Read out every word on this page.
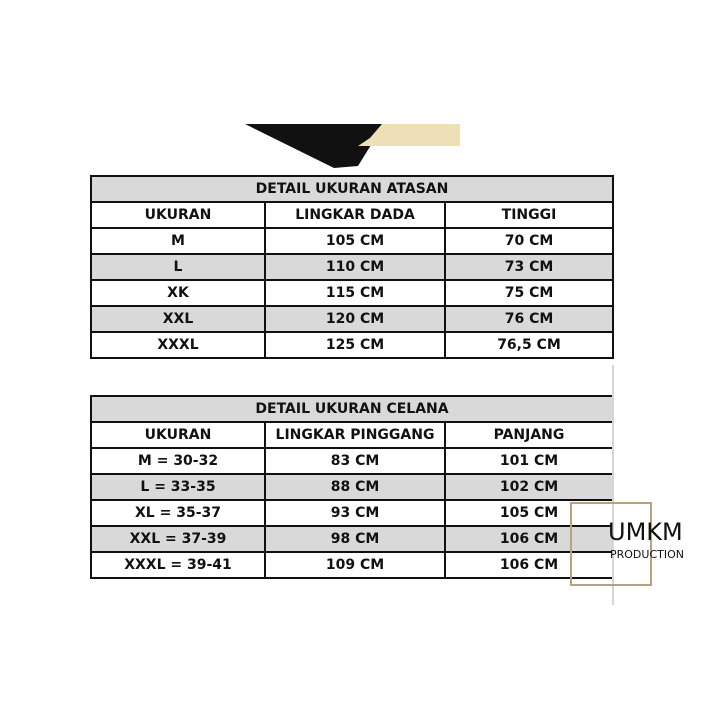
DETAIL UKURAN ATASAN		
UKURAN	LINGKAR DADA	TINGGI
M	105 CM	70 CM
L	110 CM	73 CM
XK	115 CM	75 CM
XXL	120 CM	76 CM
XXXL	125 CM	76,5 CM
DETAIL UKURAN CELANA		
UKURAN	LINGKAR PINGGANG	PANJANG
M = 30-32	83 CM	101 CM
L = 33-35	88 CM	102 CM
XL = 35-37	93 CM	105 CM
XXL = 37-39	98 CM	106 CM
XXXL = 39-41	109 CM	106 CM
UMKM
PRODUCTION
